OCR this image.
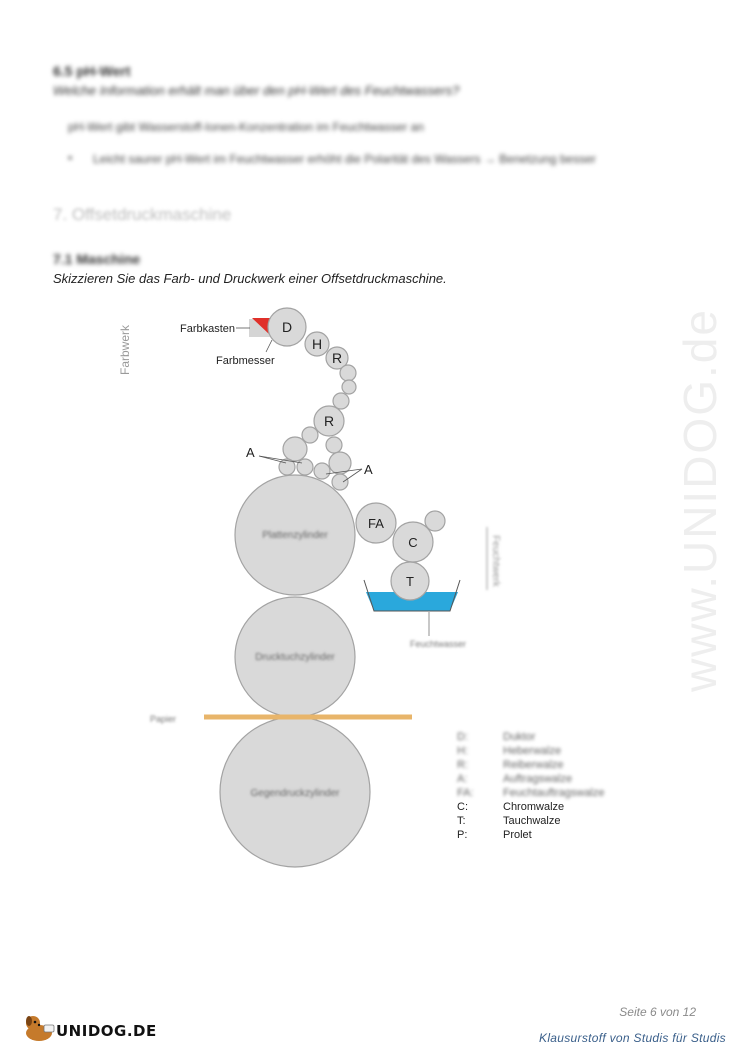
www.UNIDOG.de
6.5 pH-Wert
Welche Information erhält man über den pH-Wert des Feuchtwassers?
pH-Wert gibt Wasserstoff-Ionen-Konzentration im Feuchtwasser an
• Leicht saurer pH-Wert im Feuchtwasser erhöht die Polarität des Wassers → Benetzung besser
7. Offsetdruckmaschine
7.1 Maschine
Skizzieren Sie das Farb- und Druckwerk einer Offsetdruckmaschine.
Farbwerk
Feuchtwerk
Farbkasten
Farbmesser
D
H
R
R
A
A
Plattenzylinder
Drucktuchzylinder
Gegendruckzylinder
Papier
FA
C
T
Feuchtwasser
D:	Duktor
H:	Heberwalze
R:	Reiberwalze
A:	Auftragswalze
FA:	Feuchtauftragswalze
C:	Chromwalze
T:	Tauchwalze
P:	Prolet
Seite 6 von 12
UNIDOG.DE	Klausurstoff von Studis für Studis
